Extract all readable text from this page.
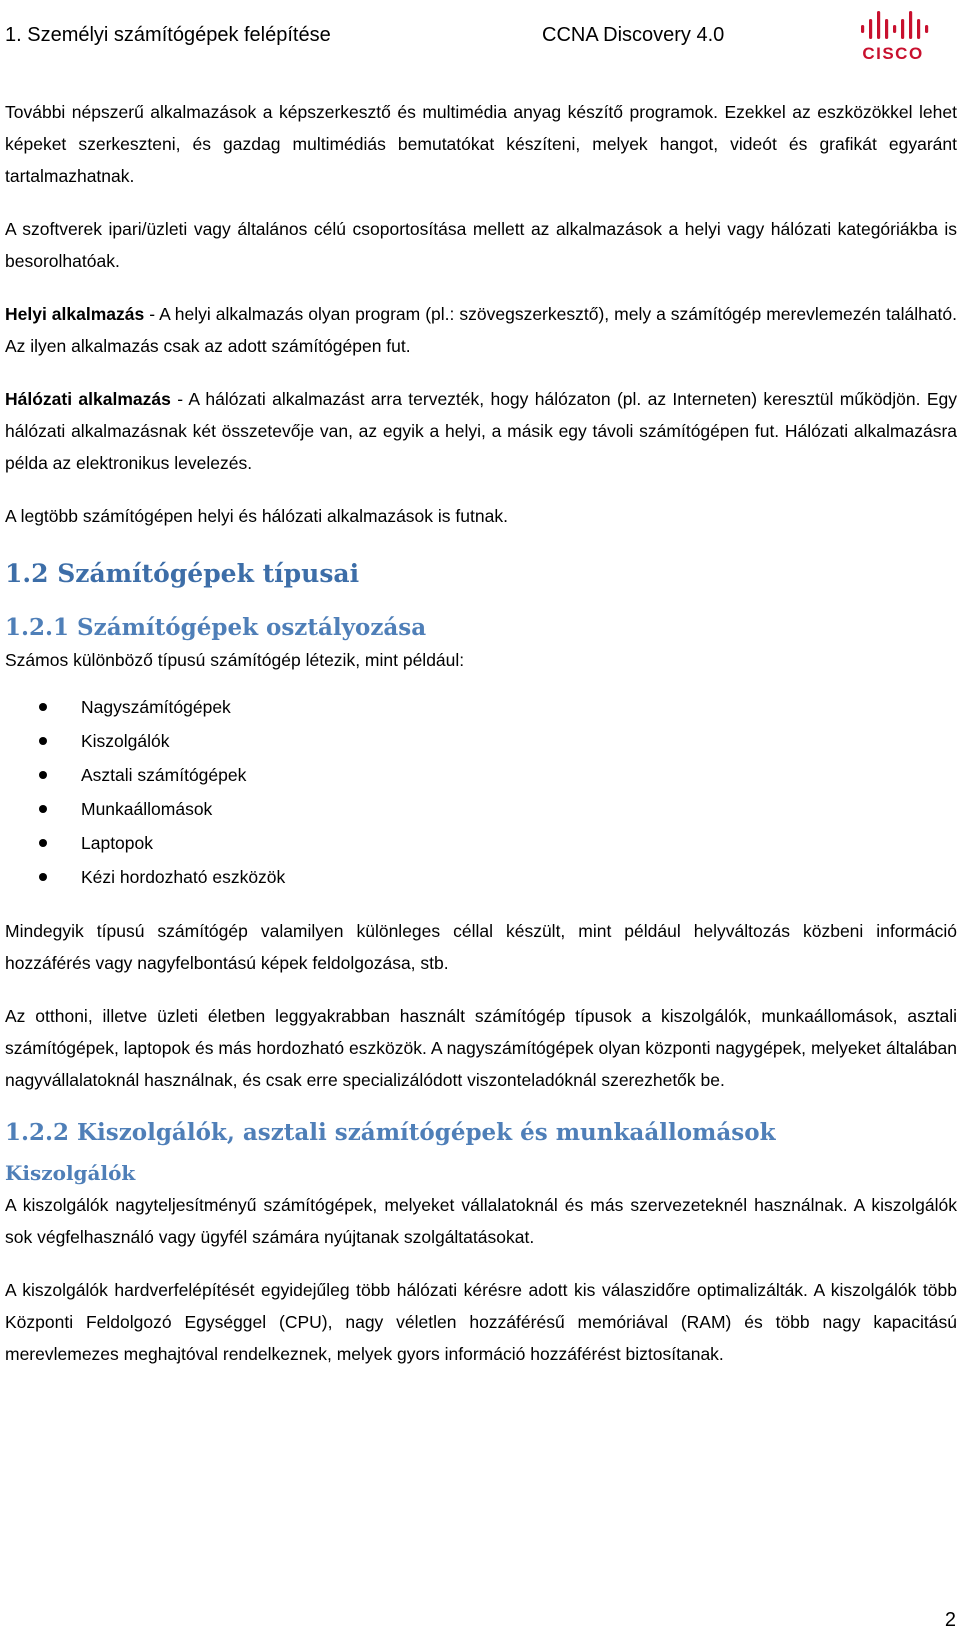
1. Személyi számítógépek felépítése	CCNA Discovery 4.0
CISCO

További népszerű alkalmazások a képszerkesztő és multimédia anyag készítő programok. Ezekkel az eszközökkel lehet képeket szerkeszteni, és gazdag multimédiás bemutatókat készíteni, melyek hangot, videót és grafikát egyaránt tartalmazhatnak.

A szoftverek ipari/üzleti vagy általános célú csoportosítása mellett az alkalmazások a helyi vagy hálózati kategóriákba is besorolhatóak.

Helyi alkalmazás - A helyi alkalmazás olyan program (pl.: szövegszerkesztő), mely a számítógép merevlemezén található. Az ilyen alkalmazás csak az adott számítógépen fut.

Hálózati alkalmazás - A hálózati alkalmazást arra tervezték, hogy hálózaton (pl. az Interneten) keresztül működjön. Egy hálózati alkalmazásnak két összetevője van, az egyik a helyi, a másik egy távoli számítógépen fut. Hálózati alkalmazásra példa az elektronikus levelezés.

A legtöbb számítógépen helyi és hálózati alkalmazások is futnak.

1.2 Számítógépek típusai
1.2.1 Számítógépek osztályozása

Számos különböző típusú számítógép létezik, mint például:

Nagyszámítógépek
Kiszolgálók
Asztali számítógépek
Munkaállomások
Laptopok
Kézi hordozható eszközök

Mindegyik típusú számítógép valamilyen különleges céllal készült, mint például helyváltozás közbeni információ hozzáférés vagy nagyfelbontású képek feldolgozása, stb.

Az otthoni, illetve üzleti életben leggyakrabban használt számítógép típusok a kiszolgálók, munkaállomások, asztali számítógépek, laptopok és más hordozható eszközök. A nagyszámítógépek olyan központi nagygépek, melyeket általában nagyvállalatoknál használnak, és csak erre specializálódott viszonteladóknál szerezhetők be.

1.2.2 Kiszolgálók, asztali számítógépek és munkaállomások
Kiszolgálók

A kiszolgálók nagyteljesítményű számítógépek, melyeket vállalatoknál és más szervezeteknél használnak. A kiszolgálók sok végfelhasználó vagy ügyfél számára nyújtanak szolgáltatásokat.

A kiszolgálók hardverfelépítését egyidejűleg több hálózati kérésre adott kis válaszidőre optimalizálták. A kiszolgálók több Központi Feldolgozó Egységgel (CPU), nagy véletlen hozzáférésű memóriával (RAM) és több nagy kapacitású merevlemezes meghajtóval rendelkeznek, melyek gyors információ hozzáférést biztosítanak.

2
